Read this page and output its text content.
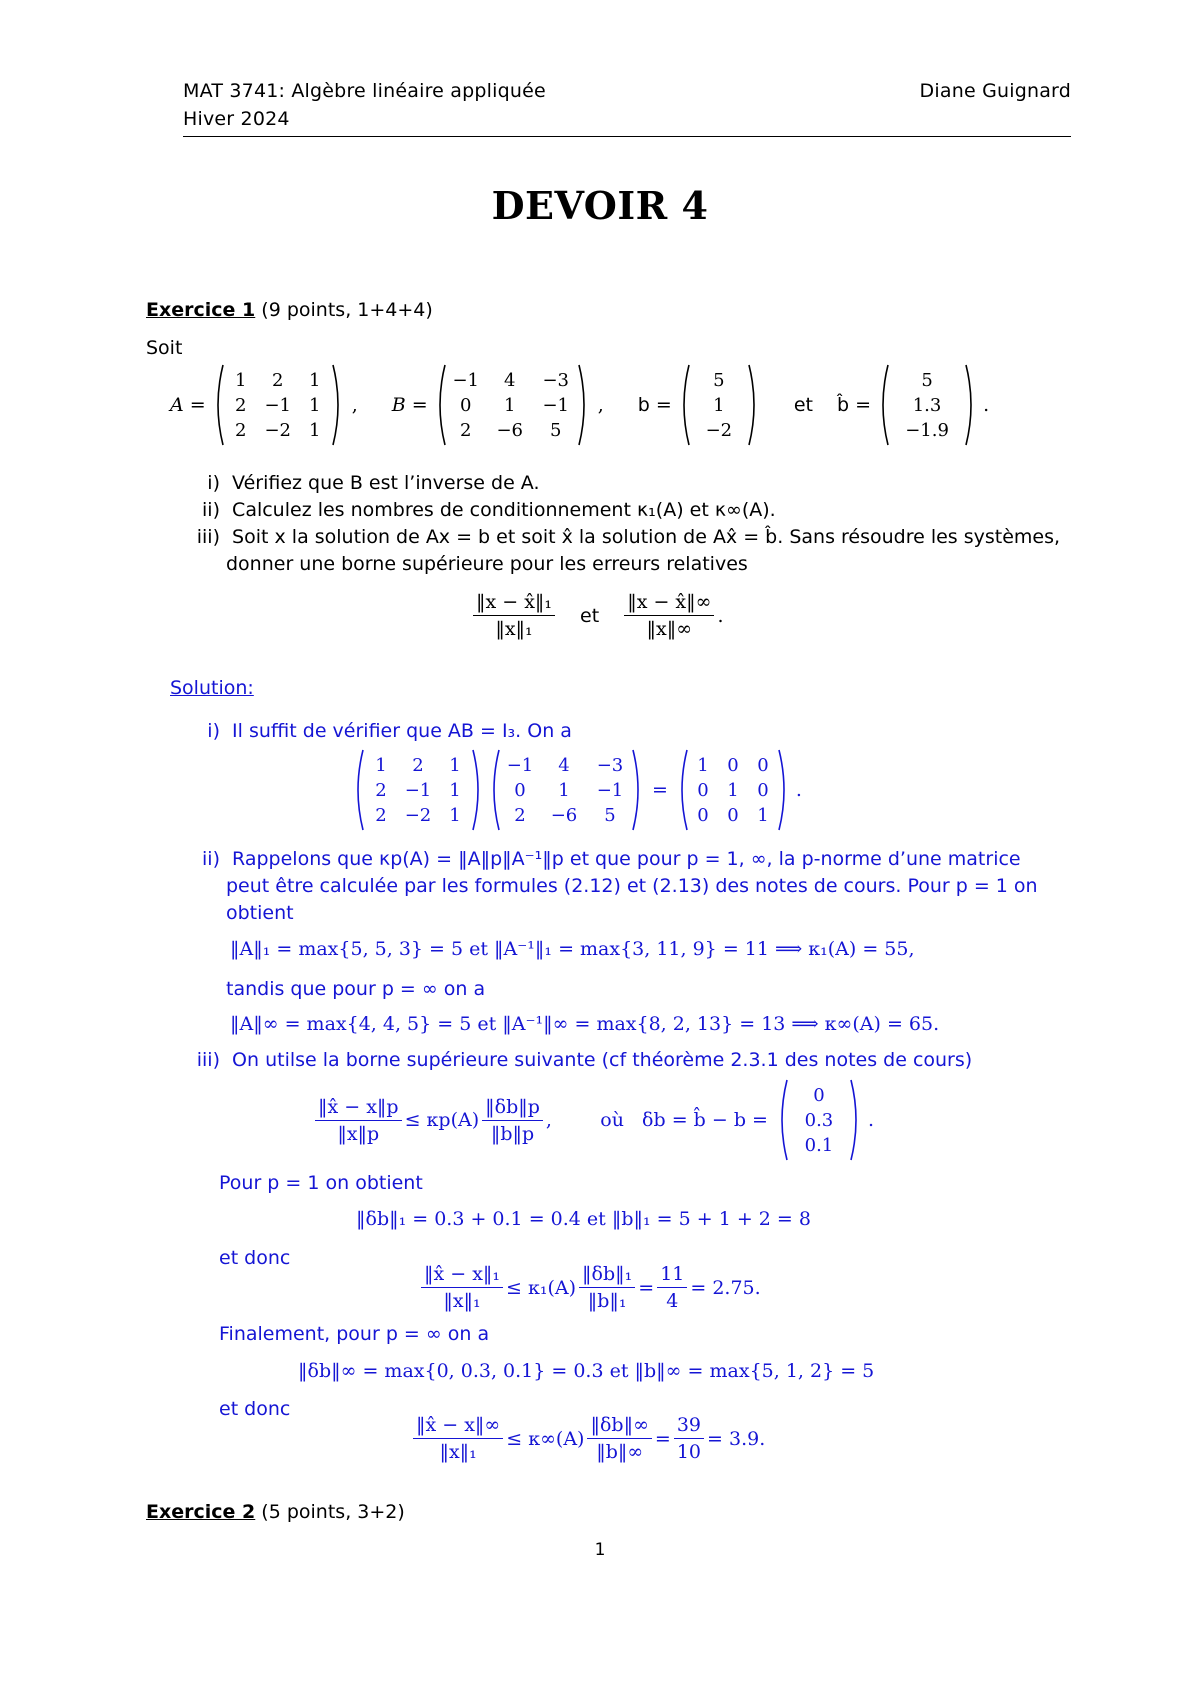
MAT 3741: Algèbre linéaire appliquée
Hiver 2024
Diane Guignard
DEVOIR 4
Exercice 1 (9 points, 1+4+4)
Soit
A =
1	2	1
2	−1	1
2	−2	1
, B =
−1	4	−3
0	1	−1
2	−6	5
, b =
5
1
−2
et b̂ =
5
1.3
−1.9
.
i) Vérifiez que B est l’inverse de A.
ii) Calculez les nombres de conditionnement κ₁(A) et κ∞(A).
iii) Soit x la solution de Ax = b et soit x̂ la solution de Ax̂ = b̂. Sans résoudre les systèmes,
donner une borne supérieure pour les erreurs relatives
$\frac{\text{‖x − x̂‖₁}}{\text{‖x‖₁}}$ et $\frac{‖x - x̂‖\infty}{‖x‖\infty}$ .
Solution:
i) Il suffit de vérifier que AB = I₃. On a
1	2	1
2	−1	1
2	−2	1
−1	4	−3
0	1	−1
2	−6	5
=
1	0	0
0	1	0
0	0	1
.
ii) Rappelons que κp(A) = ‖A‖p‖A⁻¹‖p et que pour p = 1, ∞, la p-norme d’une matrice
peut être calculée par les formules (2.12) et (2.13) des notes de cours. Pour p = 1 on
obtient
‖A‖₁ = max{5, 5, 3} = 5 et ‖A⁻¹‖₁ = max{3, 11, 9} = 11 ⟹ κ₁(A) = 55,
tandis que pour p = ∞ on a
‖A‖∞ = max{4, 4, 5} = 5 et ‖A⁻¹‖∞ = max{8, 2, 13} = 13 ⟹ κ∞(A) = 65.
iii) On utilse la borne supérieure suivante (cf théorème 2.3.1 des notes de cours)
$\frac{‖x̂ - x‖p}{‖x‖p} \le \kappa p(A) \frac{‖\delta b‖p}{‖b‖p}$ ,        où   δb = b̂ − b =
0
0.3
0.1
.
Pour p = 1 on obtient
‖δb‖₁ = 0.3 + 0.1 = 0.4 et ‖b‖₁ = 5 + 1 + 2 = 8
et donc
$\frac{\text{‖x̂ − x‖₁}}{\text{‖x‖₁}} \le \kappa_1(A) \frac{\text{‖δb‖₁}}{\text{‖b‖₁}} = \frac{11}{4} = 2.75$.
Finalement, pour p = ∞ on a
‖δb‖∞ = max{0, 0.3, 0.1} = 0.3 et ‖b‖∞ = max{5, 1, 2} = 5
et donc
$\frac{‖x̂ - x‖\infty}{\text{‖x‖₁}} \le \kappa\infty(A) \frac{‖\delta b‖\infty}{‖b‖\infty} = \frac{39}{10} = 3.9$.
Exercice 2 (5 points, 3+2)
1
